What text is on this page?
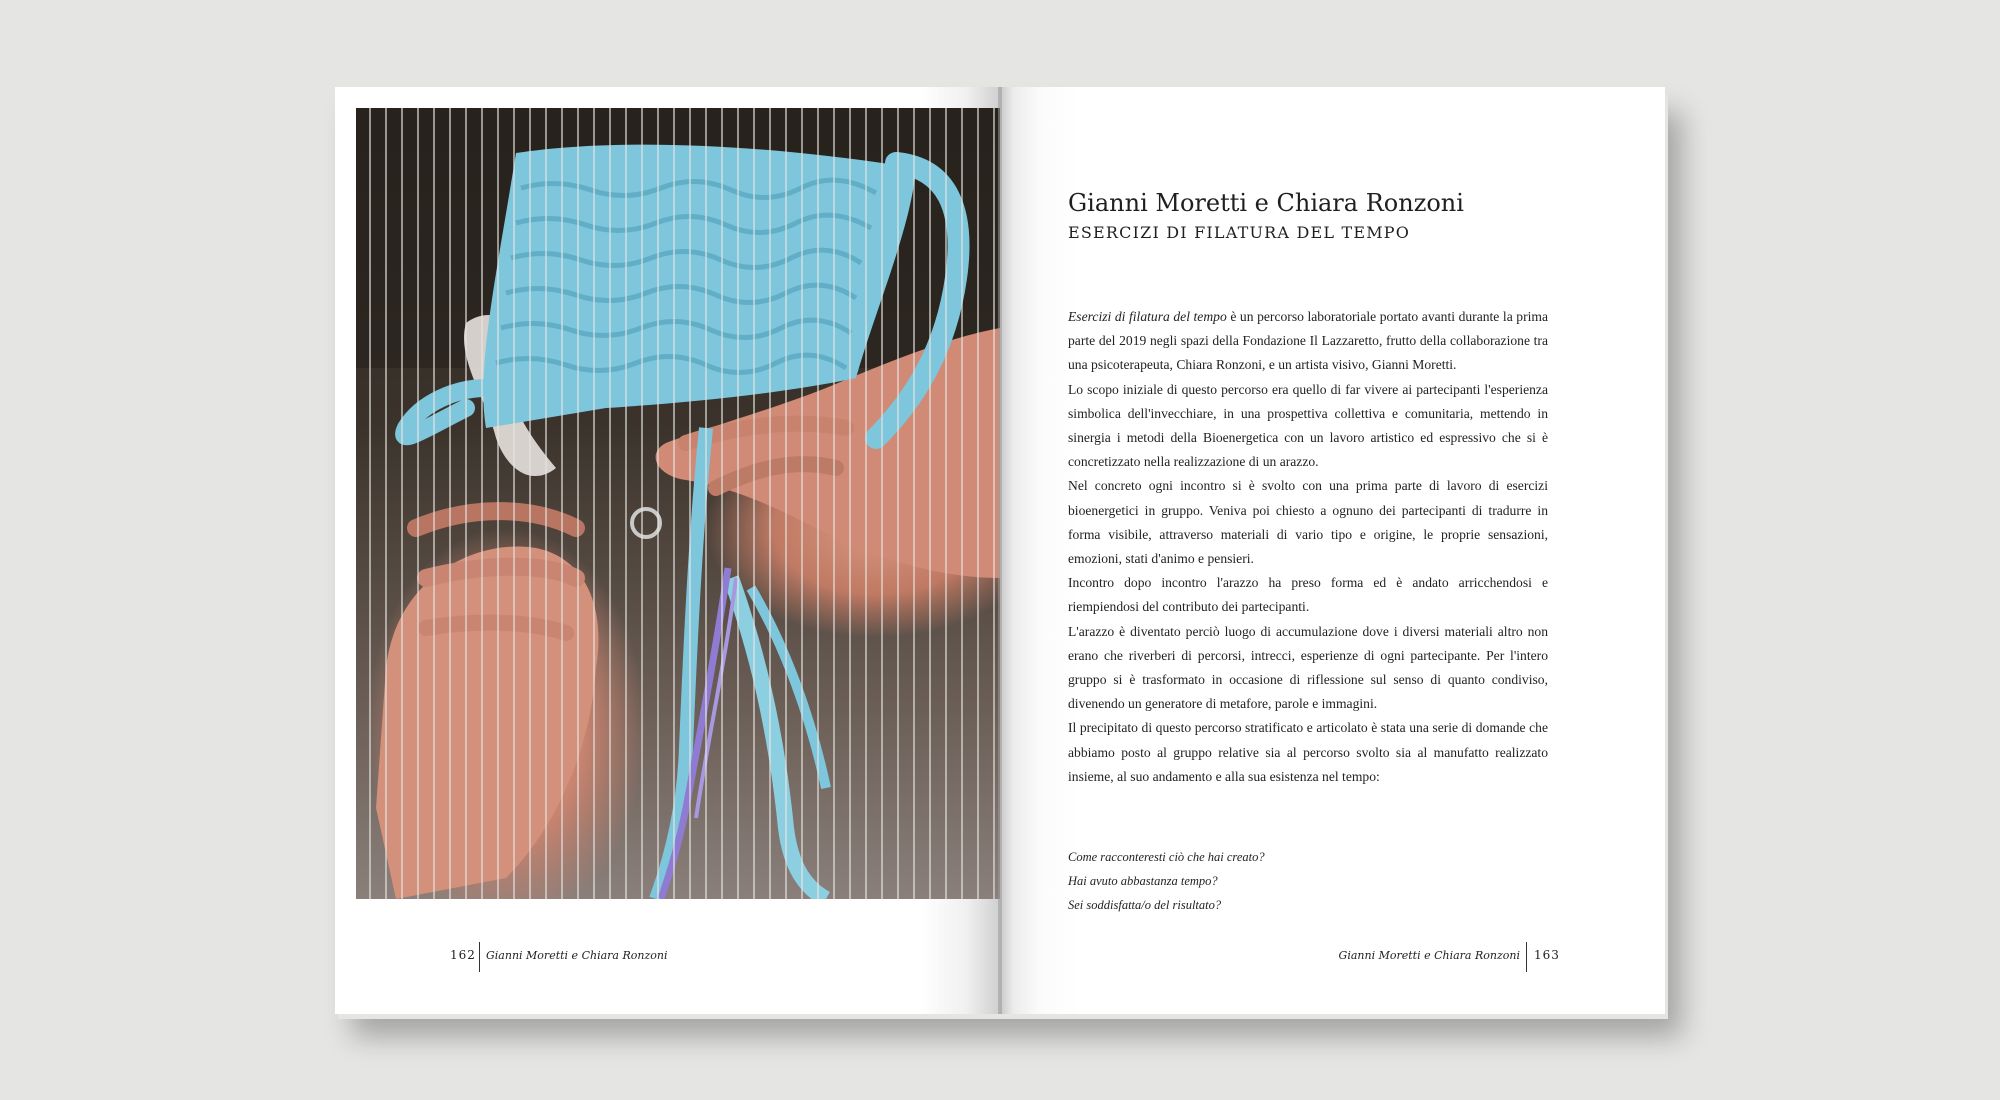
162 Gianni Moretti e Chiara Ronzoni	Gianni Moretti e Chiara Ronzoni 163
Gianni Moretti e Chiara Ronzoni
ESERCIZI DI FILATURA DEL TEMPO

Esercizi di filatura del tempo è un percorso laboratoriale portato avanti durante la prima parte del 2019 negli spazi della Fondazione Il Lazzaretto, frutto della collaborazione tra una psicoterapeuta, Chiara Ronzoni, e un artista visivo, Gianni Moretti.

Lo scopo iniziale di questo percorso era quello di far vivere ai partecipanti l'esperienza simbolica dell'invecchiare, in una prospettiva collettiva e comunitaria, mettendo in sinergia i metodi della Bioenergetica con un lavoro artistico ed espressivo che si è concretizzato nella realizzazione di un arazzo.

Nel concreto ogni incontro si è svolto con una prima parte di lavoro di esercizi bioenergetici in gruppo. Veniva poi chiesto a ognuno dei partecipanti di tradurre in forma visibile, attraverso materiali di vario tipo e origine, le proprie sensazioni, emozioni, stati d'animo e pensieri.

Incontro dopo incontro l'arazzo ha preso forma ed è andato arricchendosi e riempiendosi del contributo dei partecipanti.

L'arazzo è diventato perciò luogo di accumulazione dove i diversi materiali altro non erano che riverberi di percorsi, intrecci, esperienze di ogni partecipante. Per l'intero gruppo si è trasformato in occasione di riflessione sul senso di quanto condiviso, divenendo un generatore di metafore, parole e immagini.

Il precipitato di questo percorso stratificato e articolato è stata una serie di domande che abbiamo posto al gruppo relative sia al percorso svolto sia al manufatto realizzato insieme, al suo andamento e alla sua esistenza nel tempo:

Come racconteresti ciò che hai creato?
Hai avuto abbastanza tempo?
Sei soddisfatta/o del risultato?
